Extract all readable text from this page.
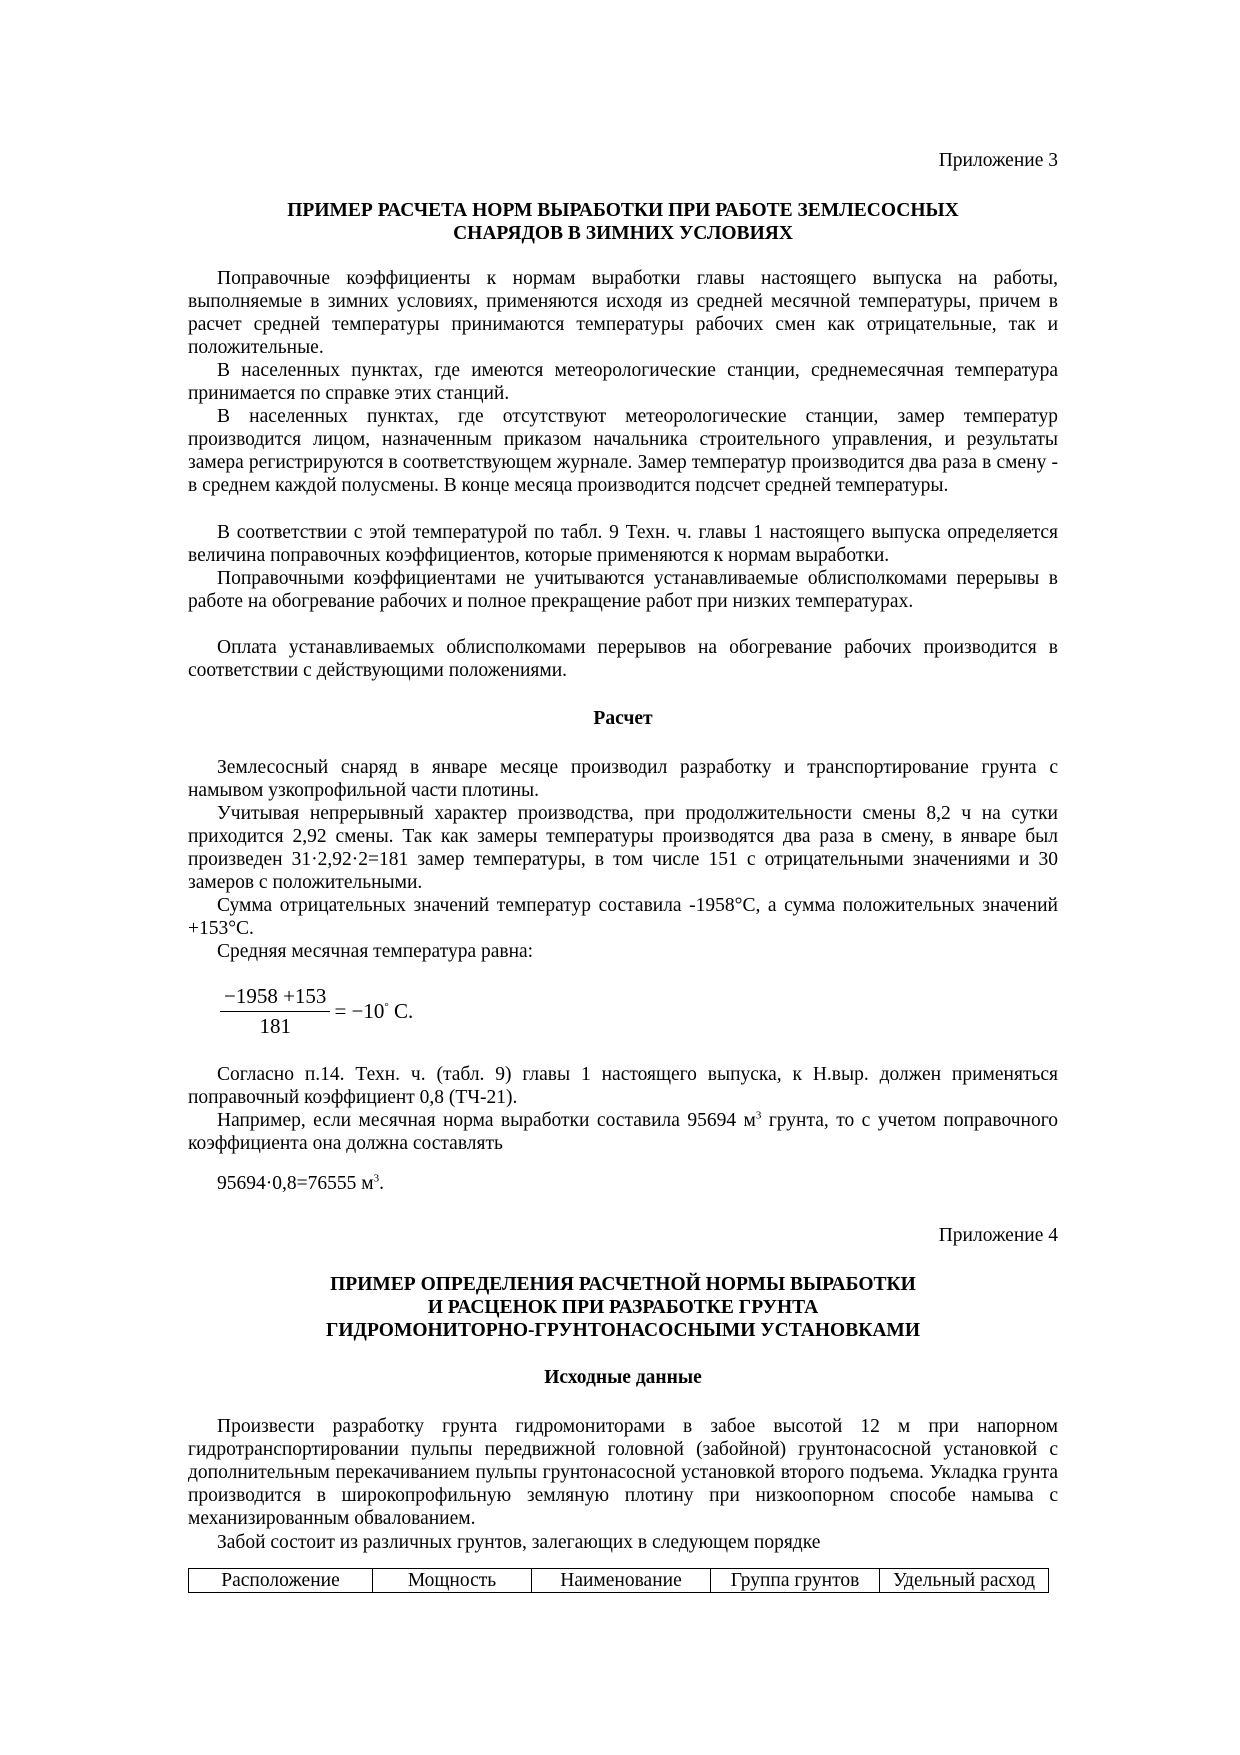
Приложение 3
ПРИМЕР РАСЧЕТА НОРМ ВЫРАБОТКИ ПРИ РАБОТЕ ЗЕМЛЕСОСНЫХ
СНАРЯДОВ В ЗИМНИХ УСЛОВИЯХ

Поправочные коэффициенты к нормам выработки главы настоящего выпуска на работы, выполняемые в зимних условиях, применяются исходя из средней месячной температуры, причем в расчет средней температуры принимаются температуры рабочих смен как отрицательные, так и положительные.

В населенных пунктах, где имеются метеорологические станции, среднемесячная температура принимается по справке этих станций.

В населенных пунктах, где отсутствуют метеорологические станции, замер температур производится лицом, назначенным приказом начальника строительного управления, и результаты замера регистрируются в соответствующем журнале. Замер температур производится два раза в смену - в среднем каждой полусмены. В конце месяца производится подсчет средней температуры.

В соответствии с этой температурой по табл. 9 Техн. ч. главы 1 настоящего выпуска определяется величина поправочных коэффициентов, которые применяются к нормам выработки.

Поправочными коэффициентами не учитываются устанавливаемые облисполкомами перерывы в работе на обогревание рабочих и полное прекращение работ при низких температурах.

Оплата устанавливаемых облисполкомами перерывов на обогревание рабочих производится в соответствии с действующими положениями.

Расчет

Землесосный снаряд в январе месяце производил разработку и транспортирование грунта с намывом узкопрофильной части плотины.

Учитывая непрерывный характер производства, при продолжительности смены 8,2 ч на сутки приходится 2,92 смены. Так как замеры температуры производятся два раза в смену, в январе был произведен 31·2,92·2=181 замер температуры, в том числе 151 с отрицательными значениями и 30 замеров с положительными.

Сумма отрицательных значений температур составила -1958°С, а сумма положительных значений +153°С.

Средняя месячная температура равна:

$\frac{-1958 +153}{181} = -10^\circ$ С.

Согласно п.14. Техн. ч. (табл. 9) главы 1 настоящего выпуска, к Н.выр. должен применяться поправочный коэффициент 0,8 (ТЧ-21).

Например, если месячная норма выработки составила 95694 $м^3$ грунта, то с учетом поправочного коэффициента она должна составлять

95694·0,8=76555 $м^3$.

Приложение 4
ПРИМЕР ОПРЕДЕЛЕНИЯ РАСЧЕТНОЙ НОРМЫ ВЫРАБОТКИ
И РАСЦЕНОК ПРИ РАЗРАБОТКЕ ГРУНТА
ГИДРОМОНИТОРНО-ГРУНТОНАСОСНЫМИ УСТАНОВКАМИ
Исходные данные

Произвести разработку грунта гидромониторами в забое высотой 12 м при напорном гидротранспортировании пульпы передвижной головной (забойной) грунтонасосной установкой с дополнительным перекачиванием пульпы грунтонасосной установкой второго подъема. Укладка грунта производится в широкопрофильную земляную плотину при низкоопорном способе намыва с механизированным обвалованием.

Забой состоит из различных грунтов, залегающих в следующем порядке

Расположение	Мощность	Наименование	Группа грунтов	Удельный расход
